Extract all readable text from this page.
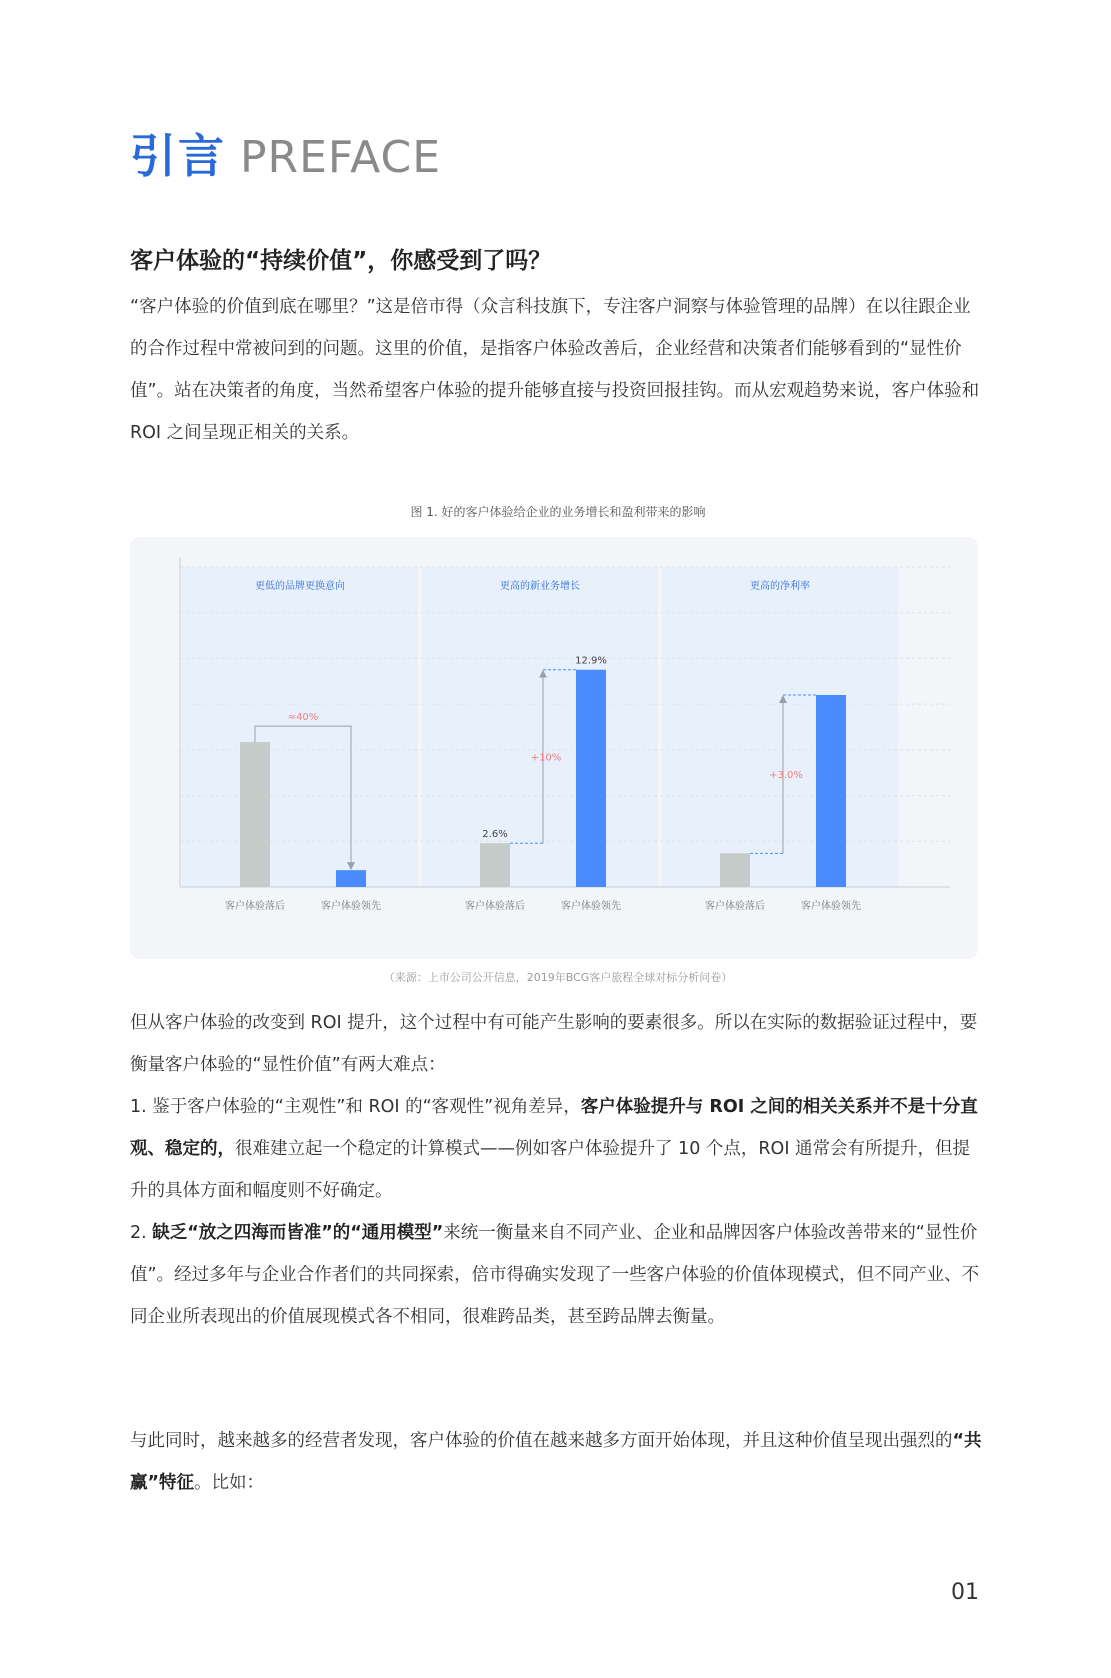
引言 PREFACE
客户体验的“持续价值”，你感受到了吗？

“客户体验的价值到底在哪里？”这是倍市得（众言科技旗下，专注客户洞察与体验管理的品牌）在以往跟企业的合作过程中常被问到的问题。这里的价值，是指客户体验改善后，企业经营和决策者们能够看到的“显性价值”。站在决策者的角度，当然希望客户体验的提升能够直接与投资回报挂钩。而从宏观趋势来说，客户体验和 ROI 之间呈现正相关的关系。

图 1. 好的客户体验给企业的业务增长和盈利带来的影响
更低的品牌更换意向
客户体验落后	客户体验领先
≈40%
更高的新业务增长
客户体验落后
2.6%
客户体验领先
12.9%
+10%
更高的净利率
客户体验落后	客户体验领先
+3.0%
（来源：上市公司公开信息，2019年BCG客户旅程全球对标分析问卷）

但从客户体验的改变到 ROI 提升，这个过程中有可能产生影响的要素很多。所以在实际的数据验证过程中，要衡量客户体验的“显性价值”有两大难点：

1. 鉴于客户体验的“主观性”和 ROI 的“客观性”视角差异，客户体验提升与 ROI 之间的相关关系并不是十分直观、稳定的，很难建立起一个稳定的计算模式——例如客户体验提升了 10 个点，ROI 通常会有所提升，但提升的具体方面和幅度则不好确定。

2. 缺乏“放之四海而皆准”的“通用模型”来统一衡量来自不同产业、企业和品牌因客户体验改善带来的“显性价值”。经过多年与企业合作者们的共同探索，倍市得确实发现了一些客户体验的价值体现模式，但不同产业、不同企业所表现出的价值展现模式各不相同，很难跨品类，甚至跨品牌去衡量。

与此同时，越来越多的经营者发现，客户体验的价值在越来越多方面开始体现，并且这种价值呈现出强烈的“共赢”特征。比如：

01
